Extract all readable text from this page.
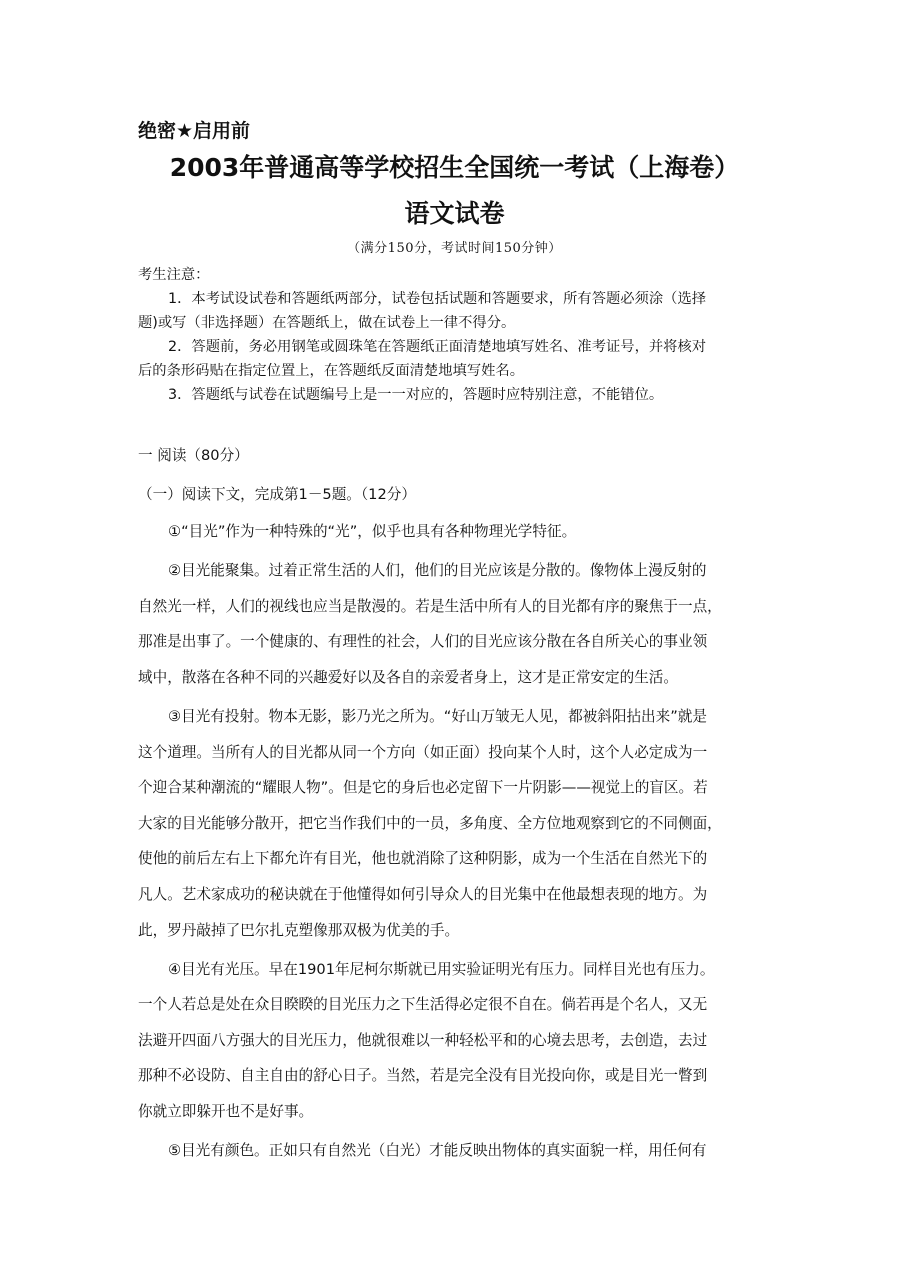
绝密★启用前
2003年普通高等学校招生全国统一考试（上海卷）
语文试卷
（满分150分，考试时间150分钟）
考生注意：
1．本考试设试卷和答题纸两部分，试卷包括试题和答题要求，所有答题必须涂（选择
题)或写（非选择题）在答题纸上，做在试卷上一律不得分。
2．答题前，务必用钢笔或圆珠笔在答题纸正面清楚地填写姓名、准考证号，并将核对
后的条形码贴在指定位置上，在答题纸反面清楚地填写姓名。
3．答题纸与试卷在试题编号上是一一对应的，答题时应特别注意，不能错位。
一 阅读（80分）
（一）阅读下文，完成第1－5题。（12分）
①“目光”作为一种特殊的“光”，似乎也具有各种物理光学特征。
②目光能聚集。过着正常生活的人们，他们的目光应该是分散的。像物体上漫反射的
自然光一样，人们的视线也应当是散漫的。若是生活中所有人的目光都有序的聚焦于一点，
那准是出事了。一个健康的、有理性的社会，人们的目光应该分散在各自所关心的事业领
域中，散落在各种不同的兴趣爱好以及各自的亲爱者身上，这才是正常安定的生活。
③目光有投射。物本无影，影乃光之所为。“好山万皱无人见，都被斜阳拈出来”就是
这个道理。当所有人的目光都从同一个方向（如正面）投向某个人时，这个人必定成为一
个迎合某种潮流的“耀眼人物”。但是它的身后也必定留下一片阴影——视觉上的盲区。若
大家的目光能够分散开，把它当作我们中的一员，多角度、全方位地观察到它的不同侧面，
使他的前后左右上下都允许有目光，他也就消除了这种阴影，成为一个生活在自然光下的
凡人。艺术家成功的秘诀就在于他懂得如何引导众人的目光集中在他最想表现的地方。为
此，罗丹敲掉了巴尔扎克塑像那双极为优美的手。
④目光有光压。早在1901年尼柯尔斯就已用实验证明光有压力。同样目光也有压力。
一个人若总是处在众目睽睽的目光压力之下生活得必定很不自在。倘若再是个名人，又无
法避开四面八方强大的目光压力，他就很难以一种轻松平和的心境去思考，去创造，去过
那种不必设防、自主自由的舒心日子。当然，若是完全没有目光投向你，或是目光一瞥到
你就立即躲开也不是好事。
⑤目光有颜色。正如只有自然光（白光）才能反映出物体的真实面貌一样，用任何有
